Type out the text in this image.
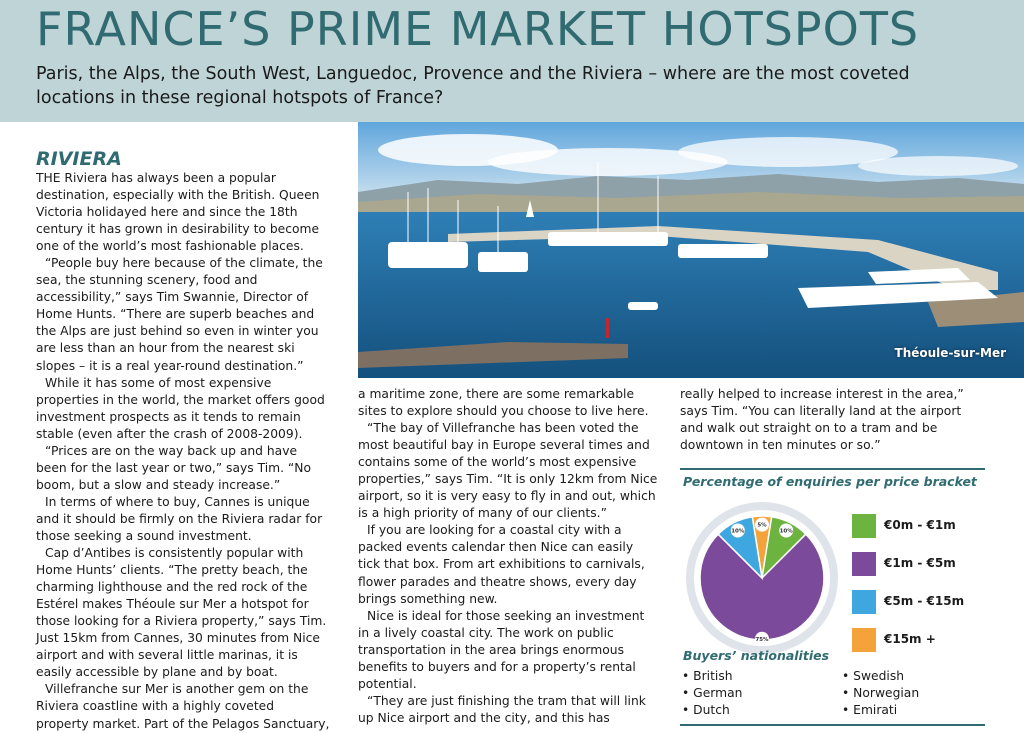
FRANCE’S PRIME MARKET HOTSPOTS

Paris, the Alps, the South West, Languedoc, Provence and the Riviera – where are the most coveted locations in these regional hotspots of France?

Théoule-sur-Mer
RIVIERA

THE Riviera has always been a popular destination, especially with the British. Queen Victoria holidayed here and since the 18th century it has grown in desirability to become one of the world’s most fashionable places.

“People buy here because of the climate, the sea, the stunning scenery, food and accessibility,” says Tim Swannie, Director of Home Hunts. “There are superb beaches and the Alps are just behind so even in winter you are less than an hour from the nearest ski slopes – it is a real year-round destination.”

While it has some of most expensive properties in the world, the market offers good investment prospects as it tends to remain stable (even after the crash of 2008-2009).

“Prices are on the way back up and have been for the last year or two,” says Tim. “No boom, but a slow and steady increase.”

In terms of where to buy, Cannes is unique and it should be firmly on the Riviera radar for those seeking a sound investment.

Cap d’Antibes is consistently popular with Home Hunts’ clients. “The pretty beach, the charming lighthouse and the red rock of the Estérel makes Théoule sur Mer a hotspot for those looking for a Riviera property,” says Tim. Just 15km from Cannes, 30 minutes from Nice airport and with several little marinas, it is easily accessible by plane and by boat.

Villefranche sur Mer is another gem on the Riviera coastline with a highly coveted property market. Part of the Pelagos Sanctuary,

a maritime zone, there are some remarkable sites to explore should you choose to live here.

“The bay of Villefranche has been voted the most beautiful bay in Europe several times and contains some of the world’s most expensive properties,” says Tim. “It is only 12km from Nice airport, so it is very easy to fly in and out, which is a high priority of many of our clients.”

If you are looking for a coastal city with a packed events calendar then Nice can easily tick that box. From art exhibitions to carnivals, flower parades and theatre shows, every day brings something new.

Nice is ideal for those seeking an investment in a lively coastal city. The work on public transportation in the area brings enormous benefits to buyers and for a property’s rental potential.

“They are just finishing the tram that will link up Nice airport and the city, and this has

really helped to increase interest in the area,” says Tim. “You can literally land at the airport and walk out straight on to a tram and be downtown in ten minutes or so.”

Percentage of enquiries per price bracket
5%
10%
75%
10%	€0m - €1m
€1m - €5m
€5m - €15m
€15m +
Buyers’ nationalities
• British
• German
• Dutch
• Swedish
• Norwegian
• Emirati
